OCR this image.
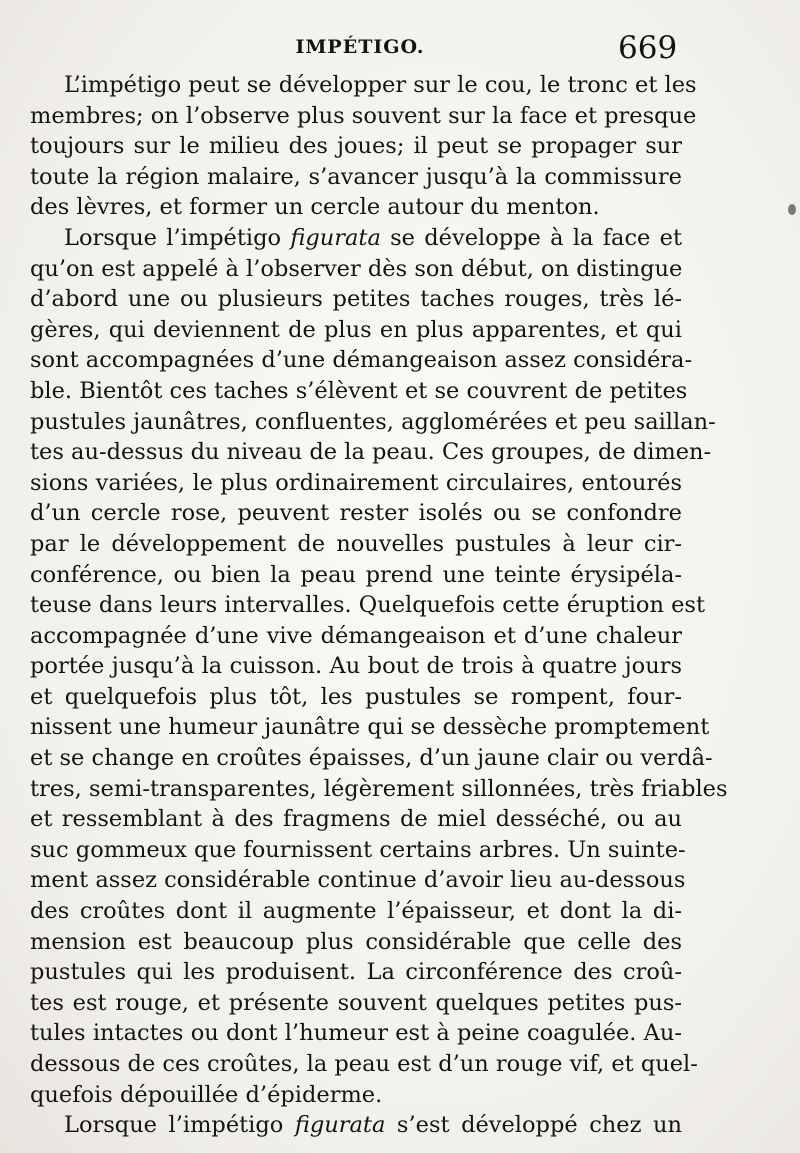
IMPÉTIGO.	669
L’impétigo peut se développer sur le cou, le tronc et les
membres; on l’observe plus souvent sur la face et presque
toujours sur le milieu des joues; il peut se propager sur
toute la région malaire, s’avancer jusqu’à la commissure
des lèvres, et former un cercle autour du menton.
Lorsque l’impétigo figurata se développe à la face et
qu’on est appelé à l’observer dès son début, on distingue
d’abord une ou plusieurs petites taches rouges, très lé-
gères, qui deviennent de plus en plus apparentes, et qui
sont accompagnées d’une démangeaison assez considéra-
ble. Bientôt ces taches s’élèvent et se couvrent de petites
pustules jaunâtres, confluentes, agglomérées et peu saillan-
tes au-dessus du niveau de la peau. Ces groupes, de dimen-
sions variées, le plus ordinairement circulaires, entourés
d’un cercle rose, peuvent rester isolés ou se confondre
par le développement de nouvelles pustules à leur cir-
conférence, ou bien la peau prend une teinte érysipéla-
teuse dans leurs intervalles. Quelquefois cette éruption est
accompagnée d’une vive démangeaison et d’une chaleur
portée jusqu’à la cuisson. Au bout de trois à quatre jours
et quelquefois plus tôt, les pustules se rompent, four-
nissent une humeur jaunâtre qui se dessèche promptement
et se change en croûtes épaisses, d’un jaune clair ou verdâ-
tres, semi-transparentes, légèrement sillonnées, très friables
et ressemblant à des fragmens de miel desséché, ou au
suc gommeux que fournissent certains arbres. Un suinte-
ment assez considérable continue d’avoir lieu au-dessous
des croûtes dont il augmente l’épaisseur, et dont la di-
mension est beaucoup plus considérable que celle des
pustules qui les produisent. La circonférence des croû-
tes est rouge, et présente souvent quelques petites pus-
tules intactes ou dont l’humeur est à peine coagulée. Au-
dessous de ces croûtes, la peau est d’un rouge vif, et quel-
quefois dépouillée d’épiderme.
Lorsque l’impétigo figurata s’est développé chez un
